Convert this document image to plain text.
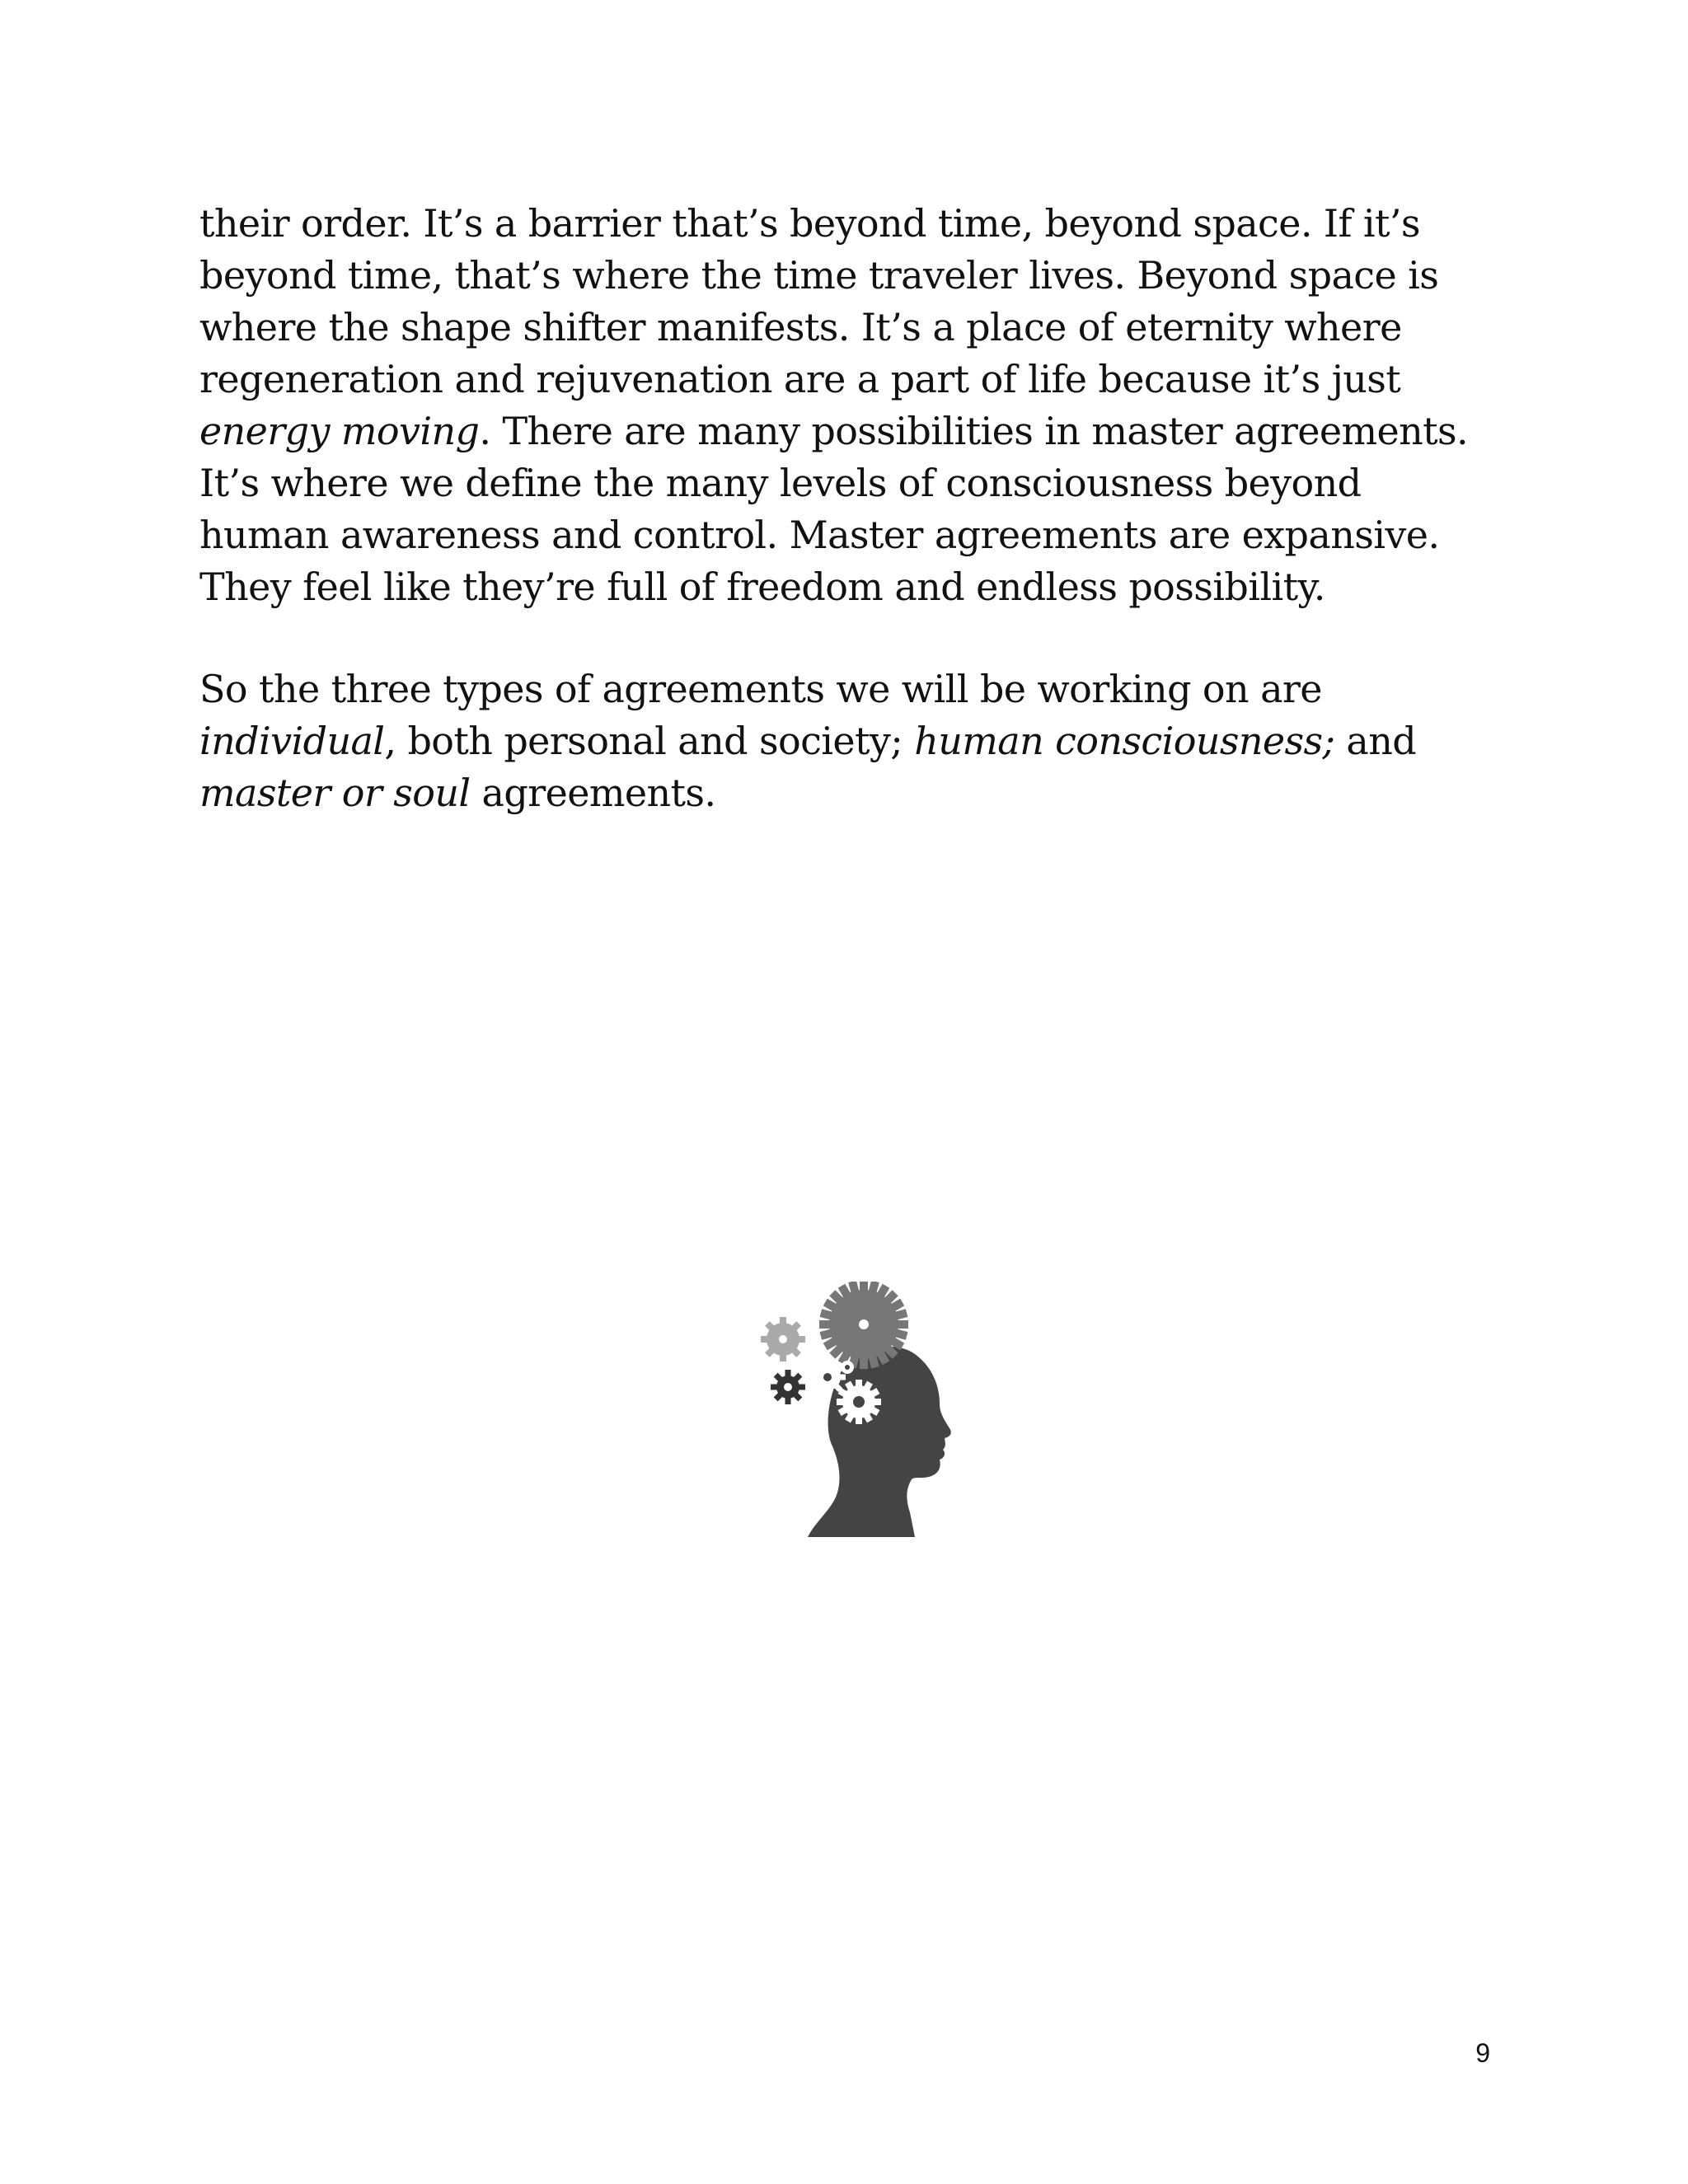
their order. It’s a barrier that’s beyond time, beyond space. If it’s
beyond time, that’s where the time traveler lives. Beyond space is
where the shape shifter manifests. It’s a place of eternity where
regeneration and rejuvenation are a part of life because it’s just
energy moving. There are many possibilities in master agreements.
It’s where we define the many levels of consciousness beyond
human awareness and control. Master agreements are expansive.
They feel like they’re full of freedom and endless possibility.
So the three types of agreements we will be working on are
individual, both personal and society; human consciousness; and
master or soul agreements.
9
